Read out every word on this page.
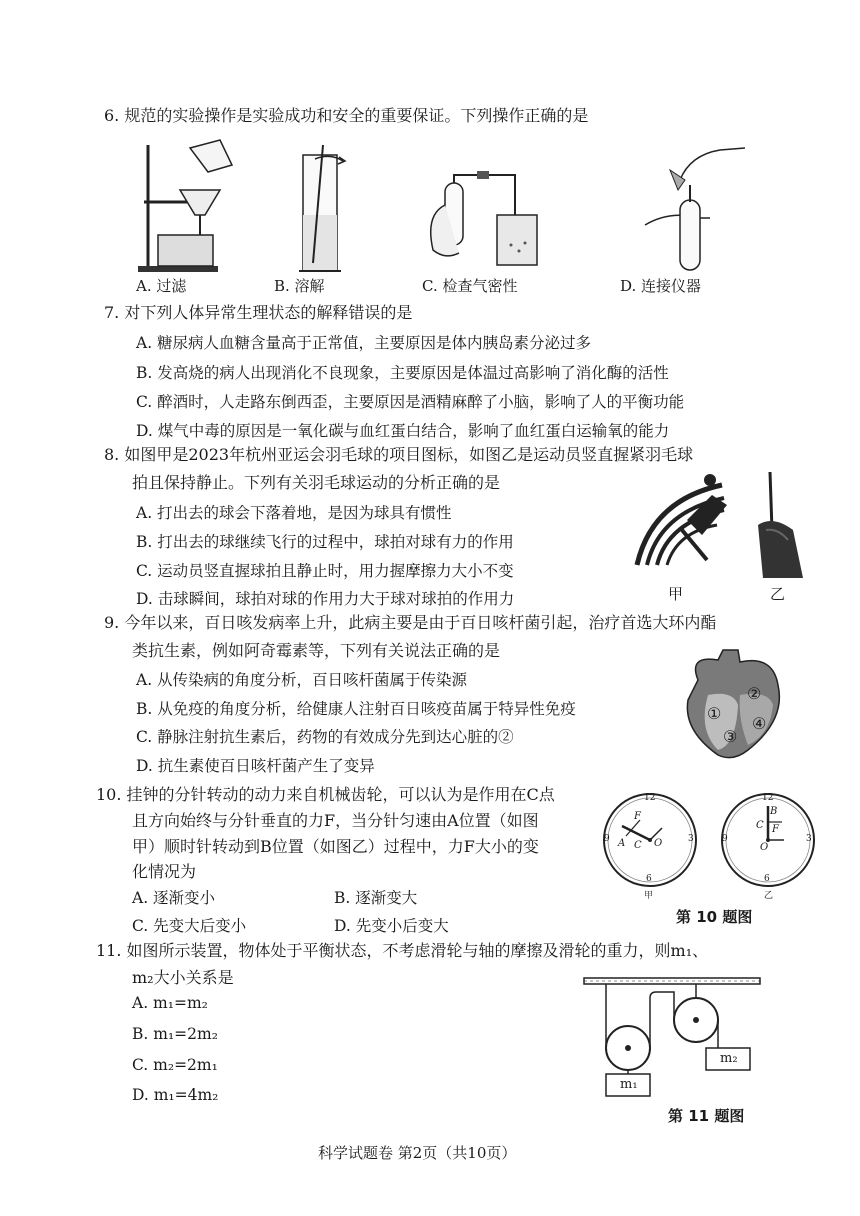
6. 规范的实验操作是实验成功和安全的重要保证。下列操作正确的是
A. 过滤	B. 溶解	C. 检查气密性	D. 连接仪器
7. 对下列人体异常生理状态的解释错误的是
A. 糖尿病人血糖含量高于正常值，主要原因是体内胰岛素分泌过多
B. 发高烧的病人出现消化不良现象，主要原因是体温过高影响了消化酶的活性
C. 醉酒时，人走路东倒西歪，主要原因是酒精麻醉了小脑，影响了人的平衡功能
D. 煤气中毒的原因是一氧化碳与血红蛋白结合，影响了血红蛋白运输氧的能力
8. 如图甲是2023年杭州亚运会羽毛球的项目图标，如图乙是运动员竖直握紧羽毛球
拍且保持静止。下列有关羽毛球运动的分析正确的是
A. 打出去的球会下落着地，是因为球具有惯性
B. 打出去的球继续飞行的过程中，球拍对球有力的作用
C. 运动员竖直握球拍且静止时，用力握摩擦力大小不变
D. 击球瞬间，球拍对球的作用力大于球对球拍的作用力	甲	乙
9. 今年以来，百日咳发病率上升，此病主要是由于百日咳杆菌引起，治疗首选大环内酯
类抗生素，例如阿奇霉素等，下列有关说法正确的是
A. 从传染病的角度分析，百日咳杆菌属于传染源
B. 从免疫的角度分析，给健康人注射百日咳疫苗属于特异性免疫
C. 静脉注射抗生素后，药物的有效成分先到达心脏的②
D. 抗生素使百日咳杆菌产生了变异
②
①
④
③
10. 挂钟的分针转动的动力来自机械齿轮，可以认为是作用在C点
且方向始终与分针垂直的力F，当分针匀速由A位置（如图
甲）顺时针转动到B位置（如图乙）过程中，力F大小的变
化情况为
A. 逐渐变小	B. 逐渐变大
C. 先变大后变小	D. 先变小后变大
12
3
6
9
F
A C O
甲
12
3
6
9
B
C F
O
乙
第 10 题图
11. 如图所示装置，物体处于平衡状态，不考虑滑轮与轴的摩擦及滑轮的重力，则m₁、
m₂大小关系是
A. m₁=m₂
B. m₁=2m₂
C. m₂=2m₁
D. m₁=4m₂
m₁
m₂
第 11 题图
科学试题卷 第2页（共10页）
